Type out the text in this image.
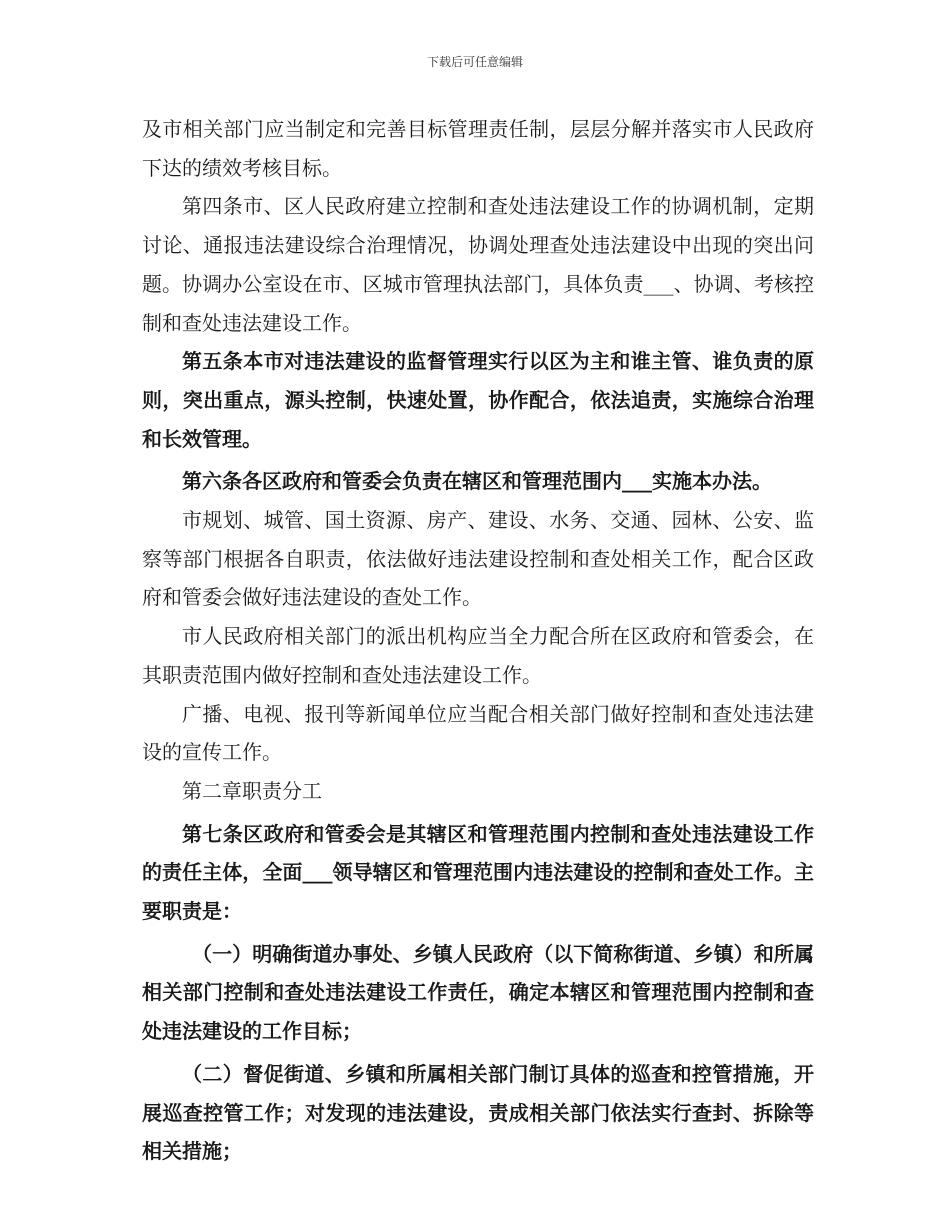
下载后可任意编辑

及市相关部门应当制定和完善目标管理责任制，层层分解并落实市人民政府下达的绩效考核目标。

第四条市、区人民政府建立控制和查处违法建设工作的协调机制，定期讨论、通报违法建设综合治理情况，协调处理查处违法建设中出现的突出问题。协调办公室设在市、区城市管理执法部门，具体负责___、协调、考核控制和查处违法建设工作。

第五条本市对违法建设的监督管理实行以区为主和谁主管、谁负责的原则，突出重点，源头控制，快速处置，协作配合，依法追责，实施综合治理和长效管理。

第六条各区政府和管委会负责在辖区和管理范围内___实施本办法。

市规划、城管、国土资源、房产、建设、水务、交通、园林、公安、监察等部门根据各自职责，依法做好违法建设控制和查处相关工作，配合区政府和管委会做好违法建设的查处工作。

市人民政府相关部门的派出机构应当全力配合所在区政府和管委会，在其职责范围内做好控制和查处违法建设工作。

广播、电视、报刊等新闻单位应当配合相关部门做好控制和查处违法建设的宣传工作。

第二章职责分工

第七条区政府和管委会是其辖区和管理范围内控制和查处违法建设工作的责任主体，全面___领导辖区和管理范围内违法建设的控制和查处工作。主要职责是：

（一）明确街道办事处、乡镇人民政府（以下简称街道、乡镇）和所属相关部门控制和查处违法建设工作责任，确定本辖区和管理范围内控制和查处违法建设的工作目标；

（二）督促街道、乡镇和所属相关部门制订具体的巡查和控管措施，开展巡查控管工作；对发现的违法建设，责成相关部门依法实行查封、拆除等相关措施；
